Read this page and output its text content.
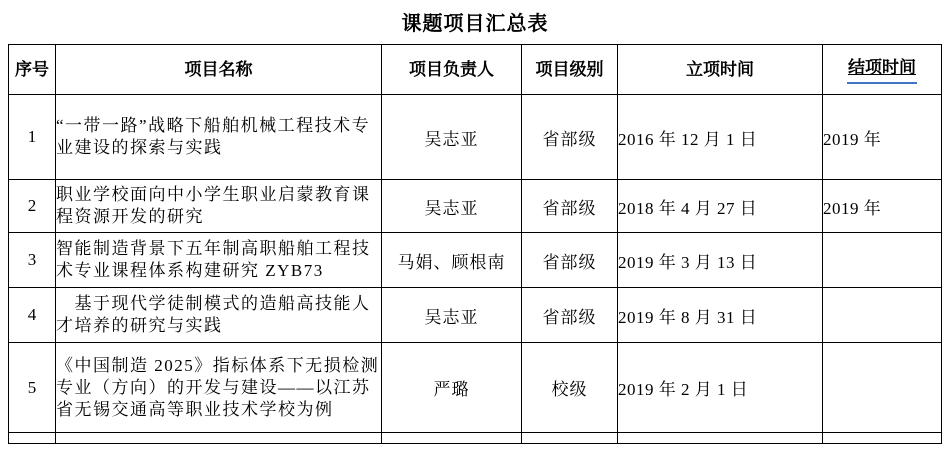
课题项目汇总表
序号	项目名称	项目负责人	项目级别	立项时间	结项时间
1	“一带一路”战略下船舶机械工程技术专业建设的探索与实践	吴志亚	省部级	2016 年 12 月 1 日	2019 年
2	职业学校面向中小学生职业启蒙教育课程资源开发的研究	吴志亚	省部级	2018 年 4 月 27 日	2019 年
3	智能制造背景下五年制高职船舶工程技术专业课程体系构建研究 ZYB73	马娟、顾根南	省部级	2019 年 3 月 13 日	
4	　基于现代学徒制模式的造船高技能人才培养的研究与实践	吴志亚	省部级	2019 年 8 月 31 日	
5	《中国制造 2025》指标体系下无损检测专业（方向）的开发与建设——以江苏省无锡交通高等职业技术学校为例	严璐	校级	2019 年 2 月 1 日	
